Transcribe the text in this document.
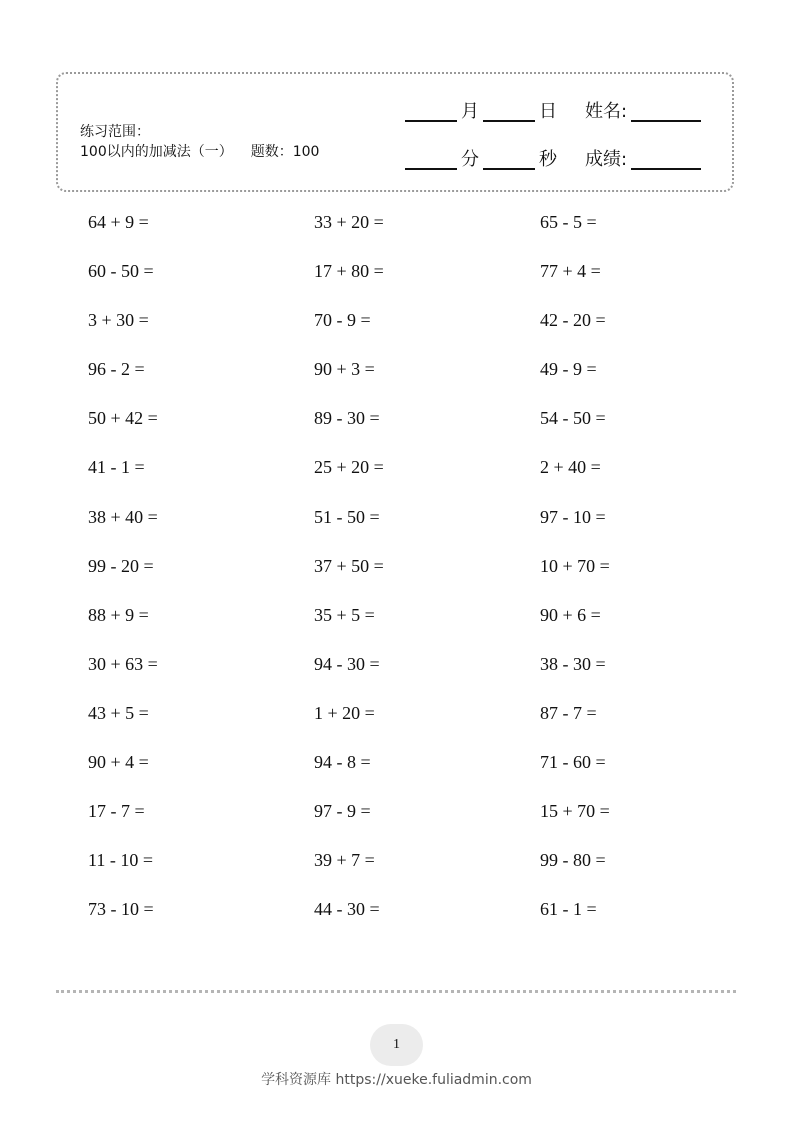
练习范围：
100以内的加减法（一） 题数：100
月	日 姓名:
分	秒 成绩:
64 + 9 =	33 + 20 =	65 - 5 =
60 - 50 =	17 + 80 =	77 + 4 =
3 + 30 =	70 - 9 =	42 - 20 =
96 - 2 =	90 + 3 =	49 - 9 =
50 + 42 =	89 - 30 =	54 - 50 =
41 - 1 =	25 + 20 =	2 + 40 =
38 + 40 =	51 - 50 =	97 - 10 =
99 - 20 =	37 + 50 =	10 + 70 =
88 + 9 =	35 + 5 =	90 + 6 =
30 + 63 =	94 - 30 =	38 - 30 =
43 + 5 =	1 + 20 =	87 - 7 =
90 + 4 =	94 - 8 =	71 - 60 =
17 - 7 =	97 - 9 =	15 + 70 =
11 - 10 =	39 + 7 =	99 - 80 =
73 - 10 =	44 - 30 =	61 - 1 =
1
学科资源库 https://xueke.fuliadmin.com
